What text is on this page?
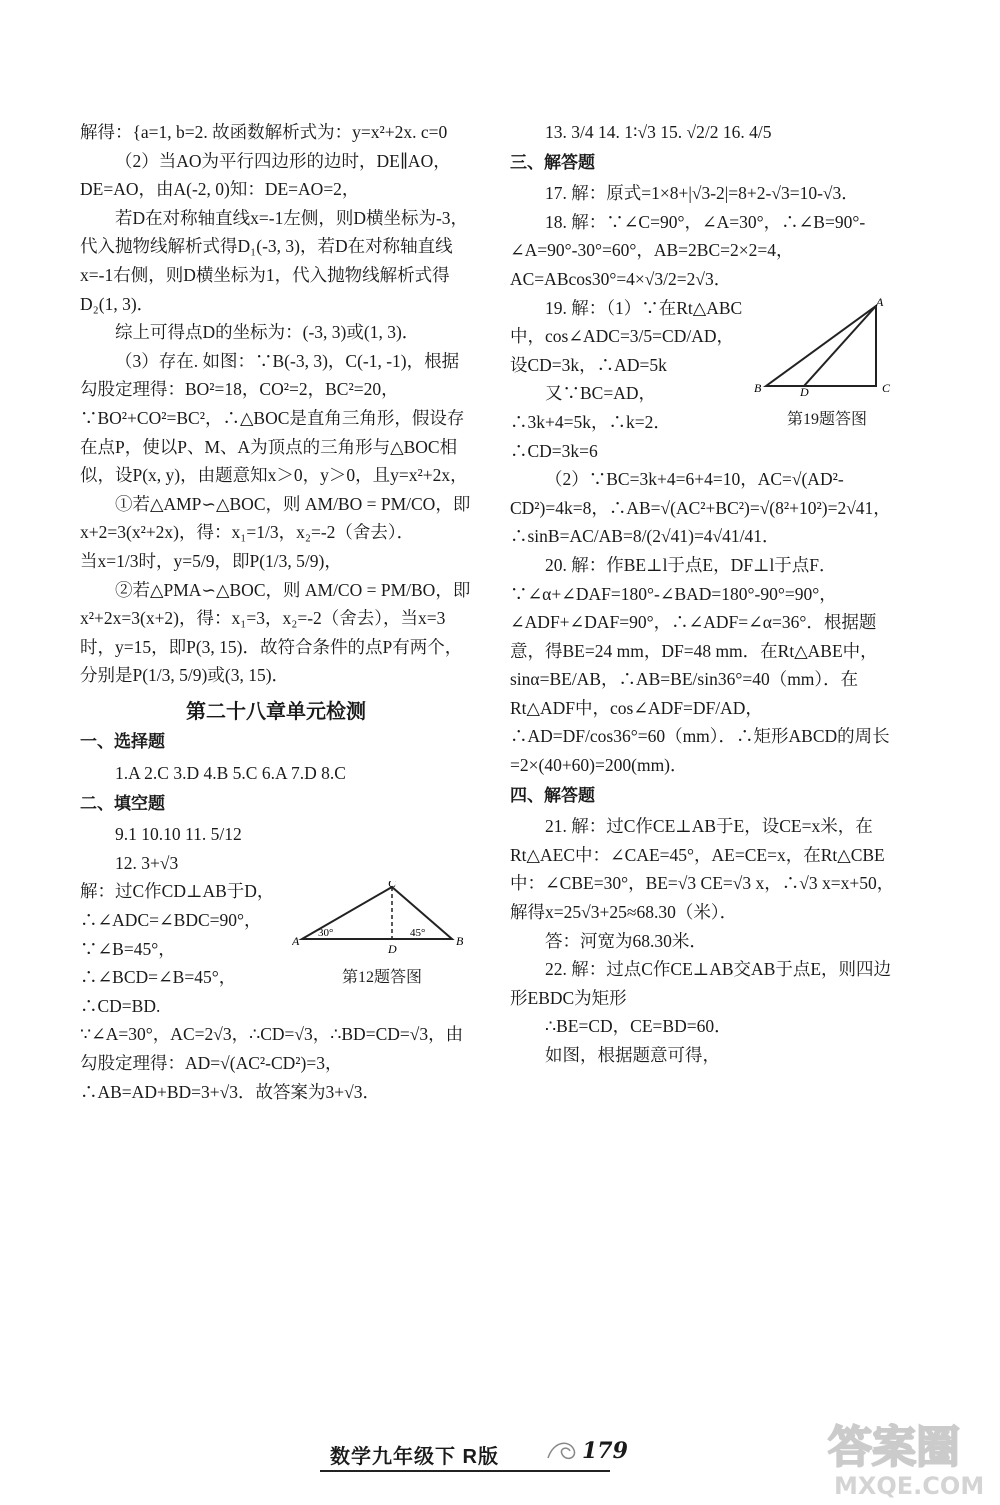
解得：{a=1, b=2. 故函数解析式为：y=x²+2x. c=0

（2）当AO为平行四边形的边时，DE∥AO，DE=AO，由A(-2, 0)知：DE=AO=2，

若D在对称轴直线x=-1左侧，则D横坐标为-3，代入抛物线解析式得D₁(-3, 3)，若D在对称轴直线x=-1右侧，则D横坐标为1，代入抛物线解析式得D₂(1, 3)．

综上可得点D的坐标为：(-3, 3)或(1, 3)．

（3）存在. 如图：∵B(-3, 3)，C(-1, -1)，根据勾股定理得：BO²=18，CO²=2，BC²=20，∵BO²+CO²=BC²，∴△BOC是直角三角形，假设存在点P，使以P、M、A为顶点的三角形与△BOC相似，设P(x, y)，由题意知x＞0，y＞0，且y=x²+2x，

①若△AMP∽△BOC，则 AM/BO = PM/CO，即

x+2=3(x²+2x)，得：x₁=1/3，x₂=-2（舍去）．

当x=1/3时，y=5/9，即P(1/3, 5/9)，

②若△PMA∽△BOC，则 AM/CO = PM/BO，即

x²+2x=3(x+2)，得：x₁=3，x₂=-2（舍去），当x=3时，y=15，即P(3, 15)．故符合条件的点P有两个，分别是P(1/3, 5/9)或(3, 15)．

第二十八章单元检测
一、选择题

1.A 2.C 3.D 4.B 5.C 6.A 7.D 8.C

二、填空题

9.1 10.10 11. 5/12

12. 3+√3

C
A	B
D
30°	45°
第12题答图

解：过C作CD⊥AB于D，∴∠ADC=∠BDC=90°，∵∠B=45°，∴∠BCD=∠B=45°，∴CD=BD.

∵∠A=30°，AC=2√3，∴CD=√3，∴BD=CD=√3，由勾股定理得：AD=√(AC²-CD²)=3，∴AB=AD+BD=3+√3．故答案为3+√3．

13. 3/4 14. 1∶√3 15. √2/2 16. 4/5

三、解答题

17. 解：原式=1×8+|√3-2|=8+2-√3=10-√3．

18. 解：∵∠C=90°，∠A=30°，∴∠B=90°-∠A=90°-30°=60°，AB=2BC=2×2=4，AC=ABcos30°=4×√3/2=2√3．

A
B	C
D
第19题答图

19. 解：（1）∵在Rt△ABC中，cos∠ADC=3/5=CD/AD，设CD=3k，∴AD=5k

又∵BC=AD，∴3k+4=5k，∴k=2．∴CD=3k=6

（2）∵BC=3k+4=6+4=10，AC=√(AD²-CD²)=4k=8，∴AB=√(AC²+BC²)=√(8²+10²)=2√41，∴sinB=AC/AB=8/(2√41)=4√41/41．

20. 解：作BE⊥l于点E，DF⊥l于点F．∵∠α+∠DAF=180°-∠BAD=180°-90°=90°，∠ADF+∠DAF=90°，∴∠ADF=∠α=36°．根据题意，得BE=24 mm，DF=48 mm．在Rt△ABE中，sinα=BE/AB，∴AB=BE/sin36°=40（mm）．在Rt△ADF中，cos∠ADF=DF/AD，∴AD=DF/cos36°=60（mm）．∴矩形ABCD的周长=2×(40+60)=200(mm)．

四、解答题

21. 解：过C作CE⊥AB于E，设CE=x米，在Rt△AEC中：∠CAE=45°，AE=CE=x，在Rt△CBE中：∠CBE=30°，BE=√3 CE=√3 x，∴√3 x=x+50，解得x=25√3+25≈68.30（米）．

答：河宽为68.30米．

22. 解：过点C作CE⊥AB交AB于点E，则四边形EBDC为矩形

∴BE=CD，CE=BD=60．

如图，根据题意可得，

数学九年级下 R版	179	答案圈
MXQE.COM
